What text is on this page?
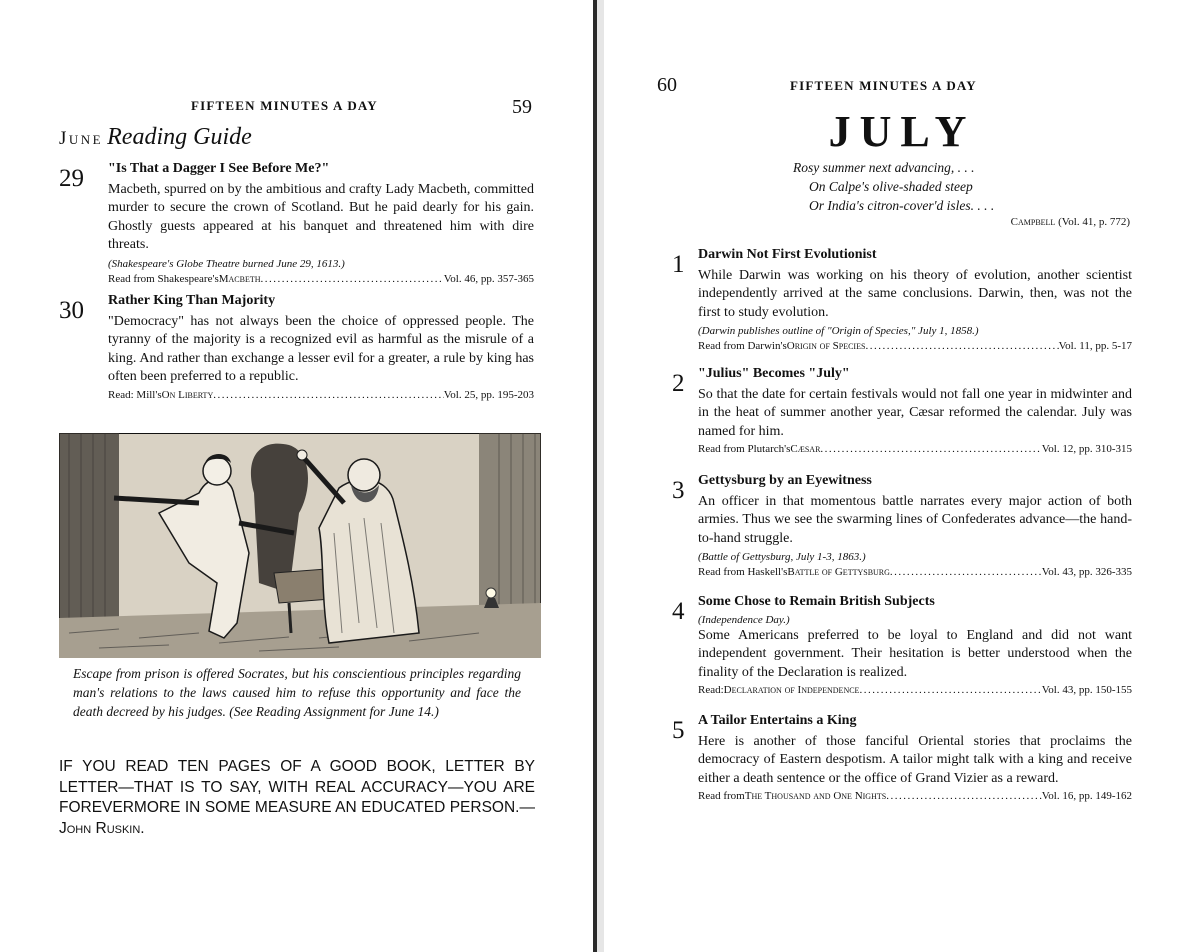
FIFTEEN MINUTES A DAY	59
June Reading Guide
29 "Is That a Dagger I See Before Me?"

Macbeth, spurred on by the ambitious and crafty Lady Macbeth, committed murder to secure the crown of Scotland. But he paid dearly for his gain. Ghostly guests appeared at his banquet and threatened him with dire threats.

(Shakespeare's Globe Theatre burned June 29, 1613.)

Read from Shakespeare's Macbeth .....	Vol. 46, pp. 357-365
30 Rather King Than Majority

"Democracy" has not always been the choice of oppressed people. The tyranny of the majority is a recognized evil as harmful as the misrule of a king. And rather than exchange a lesser evil for a greater, a rule by king has often been preferred to a republic.

Read: Mill's On Liberty .....	Vol. 25, pp. 195-203

Escape from prison is offered Socrates, but his conscientious principles regarding man's relations to the laws caused him to refuse this opportunity and face the death decreed by his judges. (See Reading Assignment for June 14.)

IF YOU READ TEN PAGES OF A GOOD BOOK, LETTER BY LETTER—THAT IS TO SAY, WITH REAL ACCURACY—YOU ARE FOREVERMORE IN SOME MEASURE AN EDUCATED PERSON.—John Ruskin.

60	FIFTEEN MINUTES A DAY
JULY
Rosy summer next advancing, . . .
On Calpe's olive-shaded steep
Or India's citron-cover'd isles. . . .
Campbell (Vol. 41, p. 772)
1 Darwin Not First Evolutionist

While Darwin was working on his theory of evolution, another scientist independently arrived at the same conclusions. Darwin, then, was not the first to study evolution.

(Darwin publishes outline of "Origin of Species," July 1, 1858.)

Read from Darwin's Origin of Species .....	Vol. 11, pp. 5-17
2 "Julius" Becomes "July"

So that the date for certain festivals would not fall one year in midwinter and in the heat of summer another year, Cæsar reformed the calendar. July was named for him.

Read from Plutarch's Cæsar .....	Vol. 12, pp. 310-315
3 Gettysburg by an Eyewitness

An officer in that momentous battle narrates every major action of both armies. Thus we see the swarming lines of Confederates advance—the hand-to-hand struggle.

(Battle of Gettysburg, July 1-3, 1863.)

Read from Haskell's Battle of Gettysburg .....	Vol. 43, pp. 326-335
4 Some Chose to Remain British Subjects

(Independence Day.)

Some Americans preferred to be loyal to England and did not want independent government. Their hesitation is better understood when the finality of the Declaration is realized.

Read: Declaration of Independence .....	Vol. 43, pp. 150-155
5 A Tailor Entertains a King

Here is another of those fanciful Oriental stories that proclaims the democracy of Eastern despotism. A tailor might talk with a king and receive either a death sentence or the office of Grand Vizier as a reward.

Read from The Thousand and One Nights .....	Vol. 16, pp. 149-162
